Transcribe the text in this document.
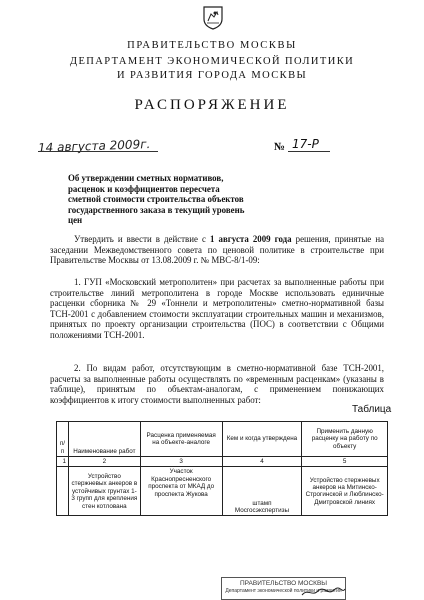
ПРАВИТЕЛЬСТВО МОСКВЫ
ДЕПАРТАМЕНТ ЭКОНОМИЧЕСКОЙ ПОЛИТИКИ
И РАЗВИТИЯ ГОРОДА МОСКВЫ
РАСПОРЯЖЕНИЕ
14 августа 2009г.	№ 17-Р
Об утверждении сметных нормативов, расценок и коэффициентов пересчета сметной стоимости строительства объектов государственного заказа в текущий уровень цен
Утвердить и ввести в действие с 1 августа 2009 года решения, принятые на заседании Межведомственного совета по ценовой политике в строительстве при Правительстве Москвы от 13.08.2009 г. № МВС-8/1-09:
1. ГУП «Московский метрополитен» при расчетах за выполненные работы при строительстве линий метрополитена в городе Москве использовать единичные расценки сборника № 29 «Тоннели и метрополитены» сметно-нормативной базы ТСН-2001 с добавлением стоимости эксплуатации строительных машин и механизмов, принятых по проекту организации строительства (ПОС) в соответствии с Общими положениями ТСН-2001.
2. По видам работ, отсутствующим в сметно-нормативной базе ТСН-2001, расчеты за выполненные работы осуществлять по «временным расценкам» (указаны в таблице), принятым по объектам-аналогам, с применением понижающих коэффициентов к итогу стоимости выполненных работ:
Таблица
п/п	Наименование работ	Расценка применяемая на объекте-аналоге	Кем и когда утверждена	Применить данную расценку на работу по объекту
1	2	3	4	5
	Устройство стержневых анкеров в устойчивых грунтах 1-3 групп для крепления стен котлована	Участок Краснопресненского проспекта от МКАД до проспекта Жукова	штамп Мосгосэкспертизы	Устройство стержневых анкеров на Митинско-Строгинской и Люблинско-Дмитровской линиях
ПРАВИТЕЛЬСТВО МОСКВЫ
Департамент экономической политики и развития
